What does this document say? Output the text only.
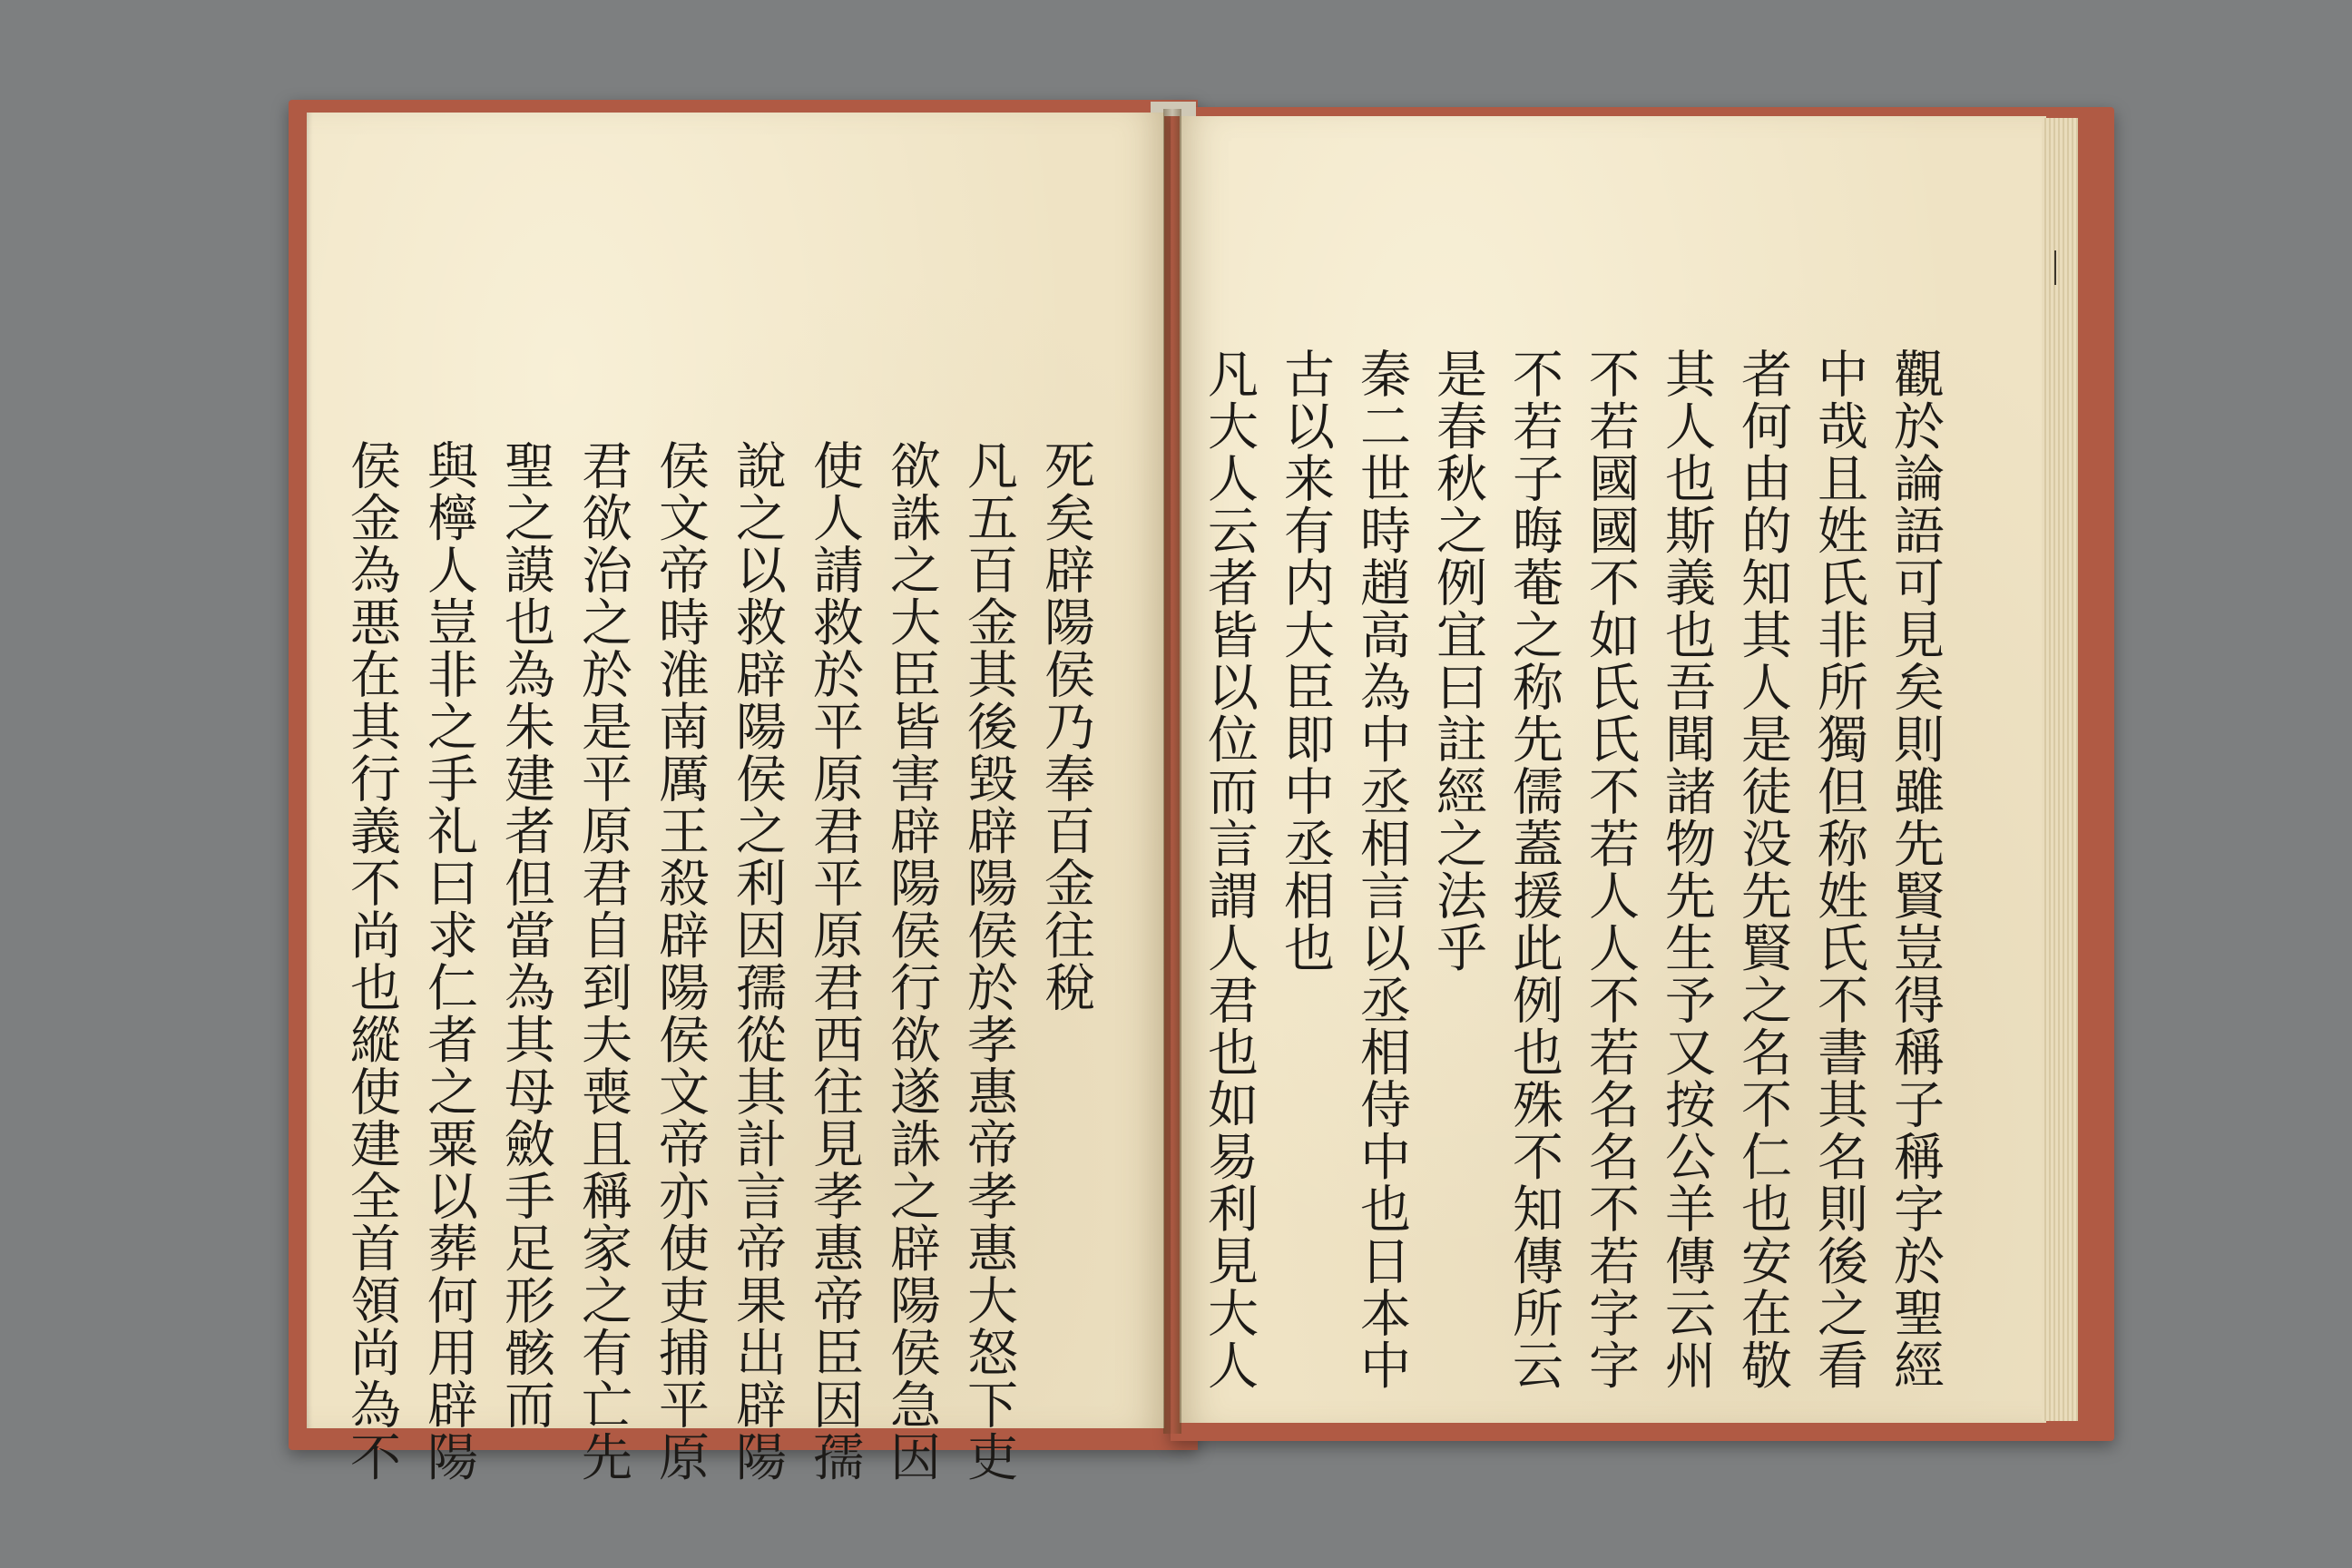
死矣辟陽侯乃奉百金往稅
凡五百金其後毀辟陽侯於孝惠帝孝惠大怒下吏
欲誅之大臣皆害辟陽侯行欲遂誅之辟陽侯急因
使人請救於平原君平原君西往見孝惠帝臣因孺
說之以救辟陽侯之利因孺從其計言帝果出辟陽
侯文帝時淮南厲王殺辟陽侯文帝亦使吏捕平原
君欲治之於是平原君自到夫喪且稱家之有亡先
聖之謨也為朱建者但當為其母斂手足形骸而
與檸人豈非之手礼曰求仁者之粟以葬何用辟陽
侯金為悪在其行義不尚也縱使建全首領尚為不	觀於論語可見矣則雖先賢豈得稱子稱字於聖經
中哉且姓氏非所獨但称姓氏不書其名則後之看
者何由的知其人是徒没先賢之名不仁也安在敬
其人也斯義也吾聞諸物先生予又按公羊傳云州
不若國國不如氏氏不若人人不若名名不若字字
不若子晦菴之称先儒蓋援此例也殊不知傳所云
是春秋之例宜曰註經之法乎
秦二世時趙高為中丞相言以丞相侍中也日本中
古以来有内大臣即中丞相也
凡大人云者皆以位而言謂人君也如易利見大人
